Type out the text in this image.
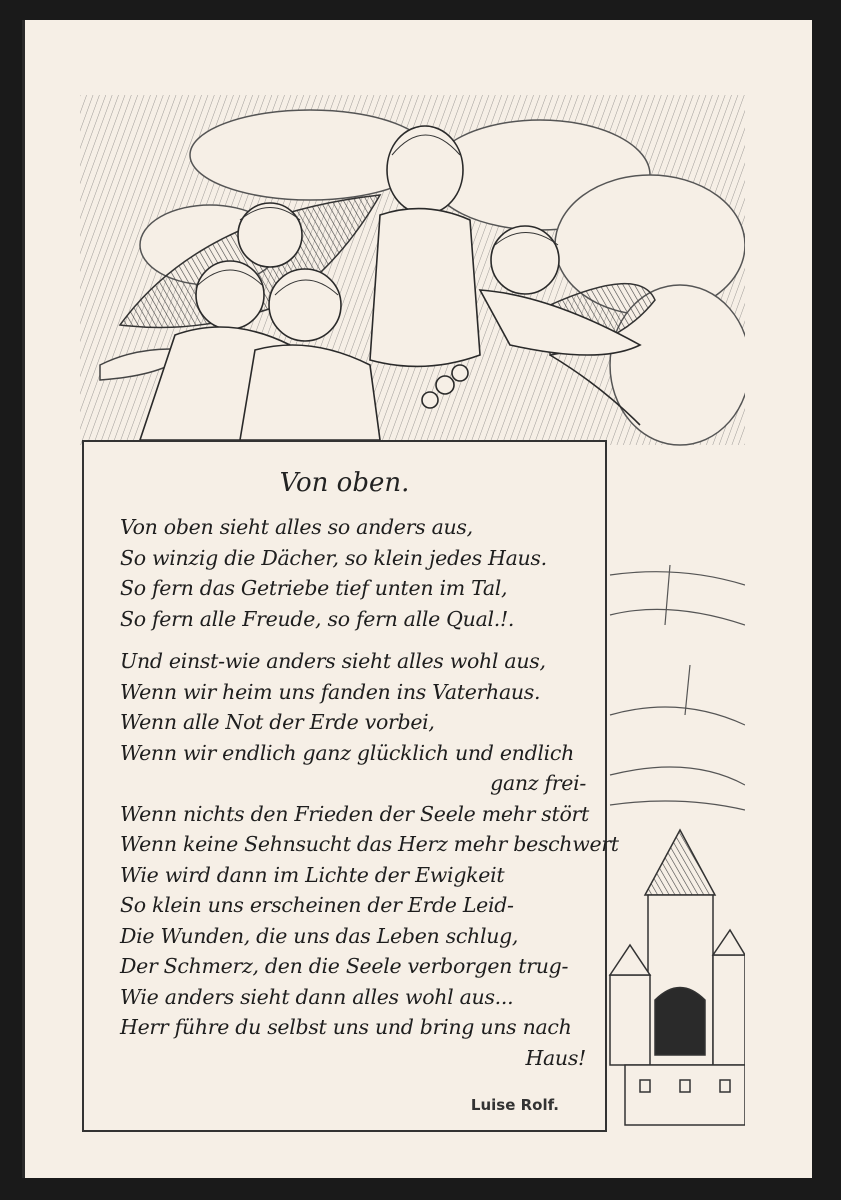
Von oben.
Von oben sieht alles so anders aus,
So winzig die Dächer, so klein jedes Haus.
So fern das Getriebe tief unten im Tal,
So fern alle Freude, so fern alle Qual.!.
Und einst-wie anders sieht alles wohl aus,
Wenn wir heim uns fanden ins Vaterhaus.
Wenn alle Not der Erde vorbei,
Wenn wir endlich ganz glücklich und endlich
ganz frei-
Wenn nichts den Frieden der Seele mehr stört
Wenn keine Sehnsucht das Herz mehr beschwert
Wie wird dann im Lichte der Ewigkeit
So klein uns erscheinen der Erde Leid-
Die Wunden, die uns das Leben schlug,
Der Schmerz, den die Seele verborgen trug-
Wie anders sieht dann alles wohl aus...
Herr führe du selbst uns und bring uns nach
Haus!
Luise Rolf.
